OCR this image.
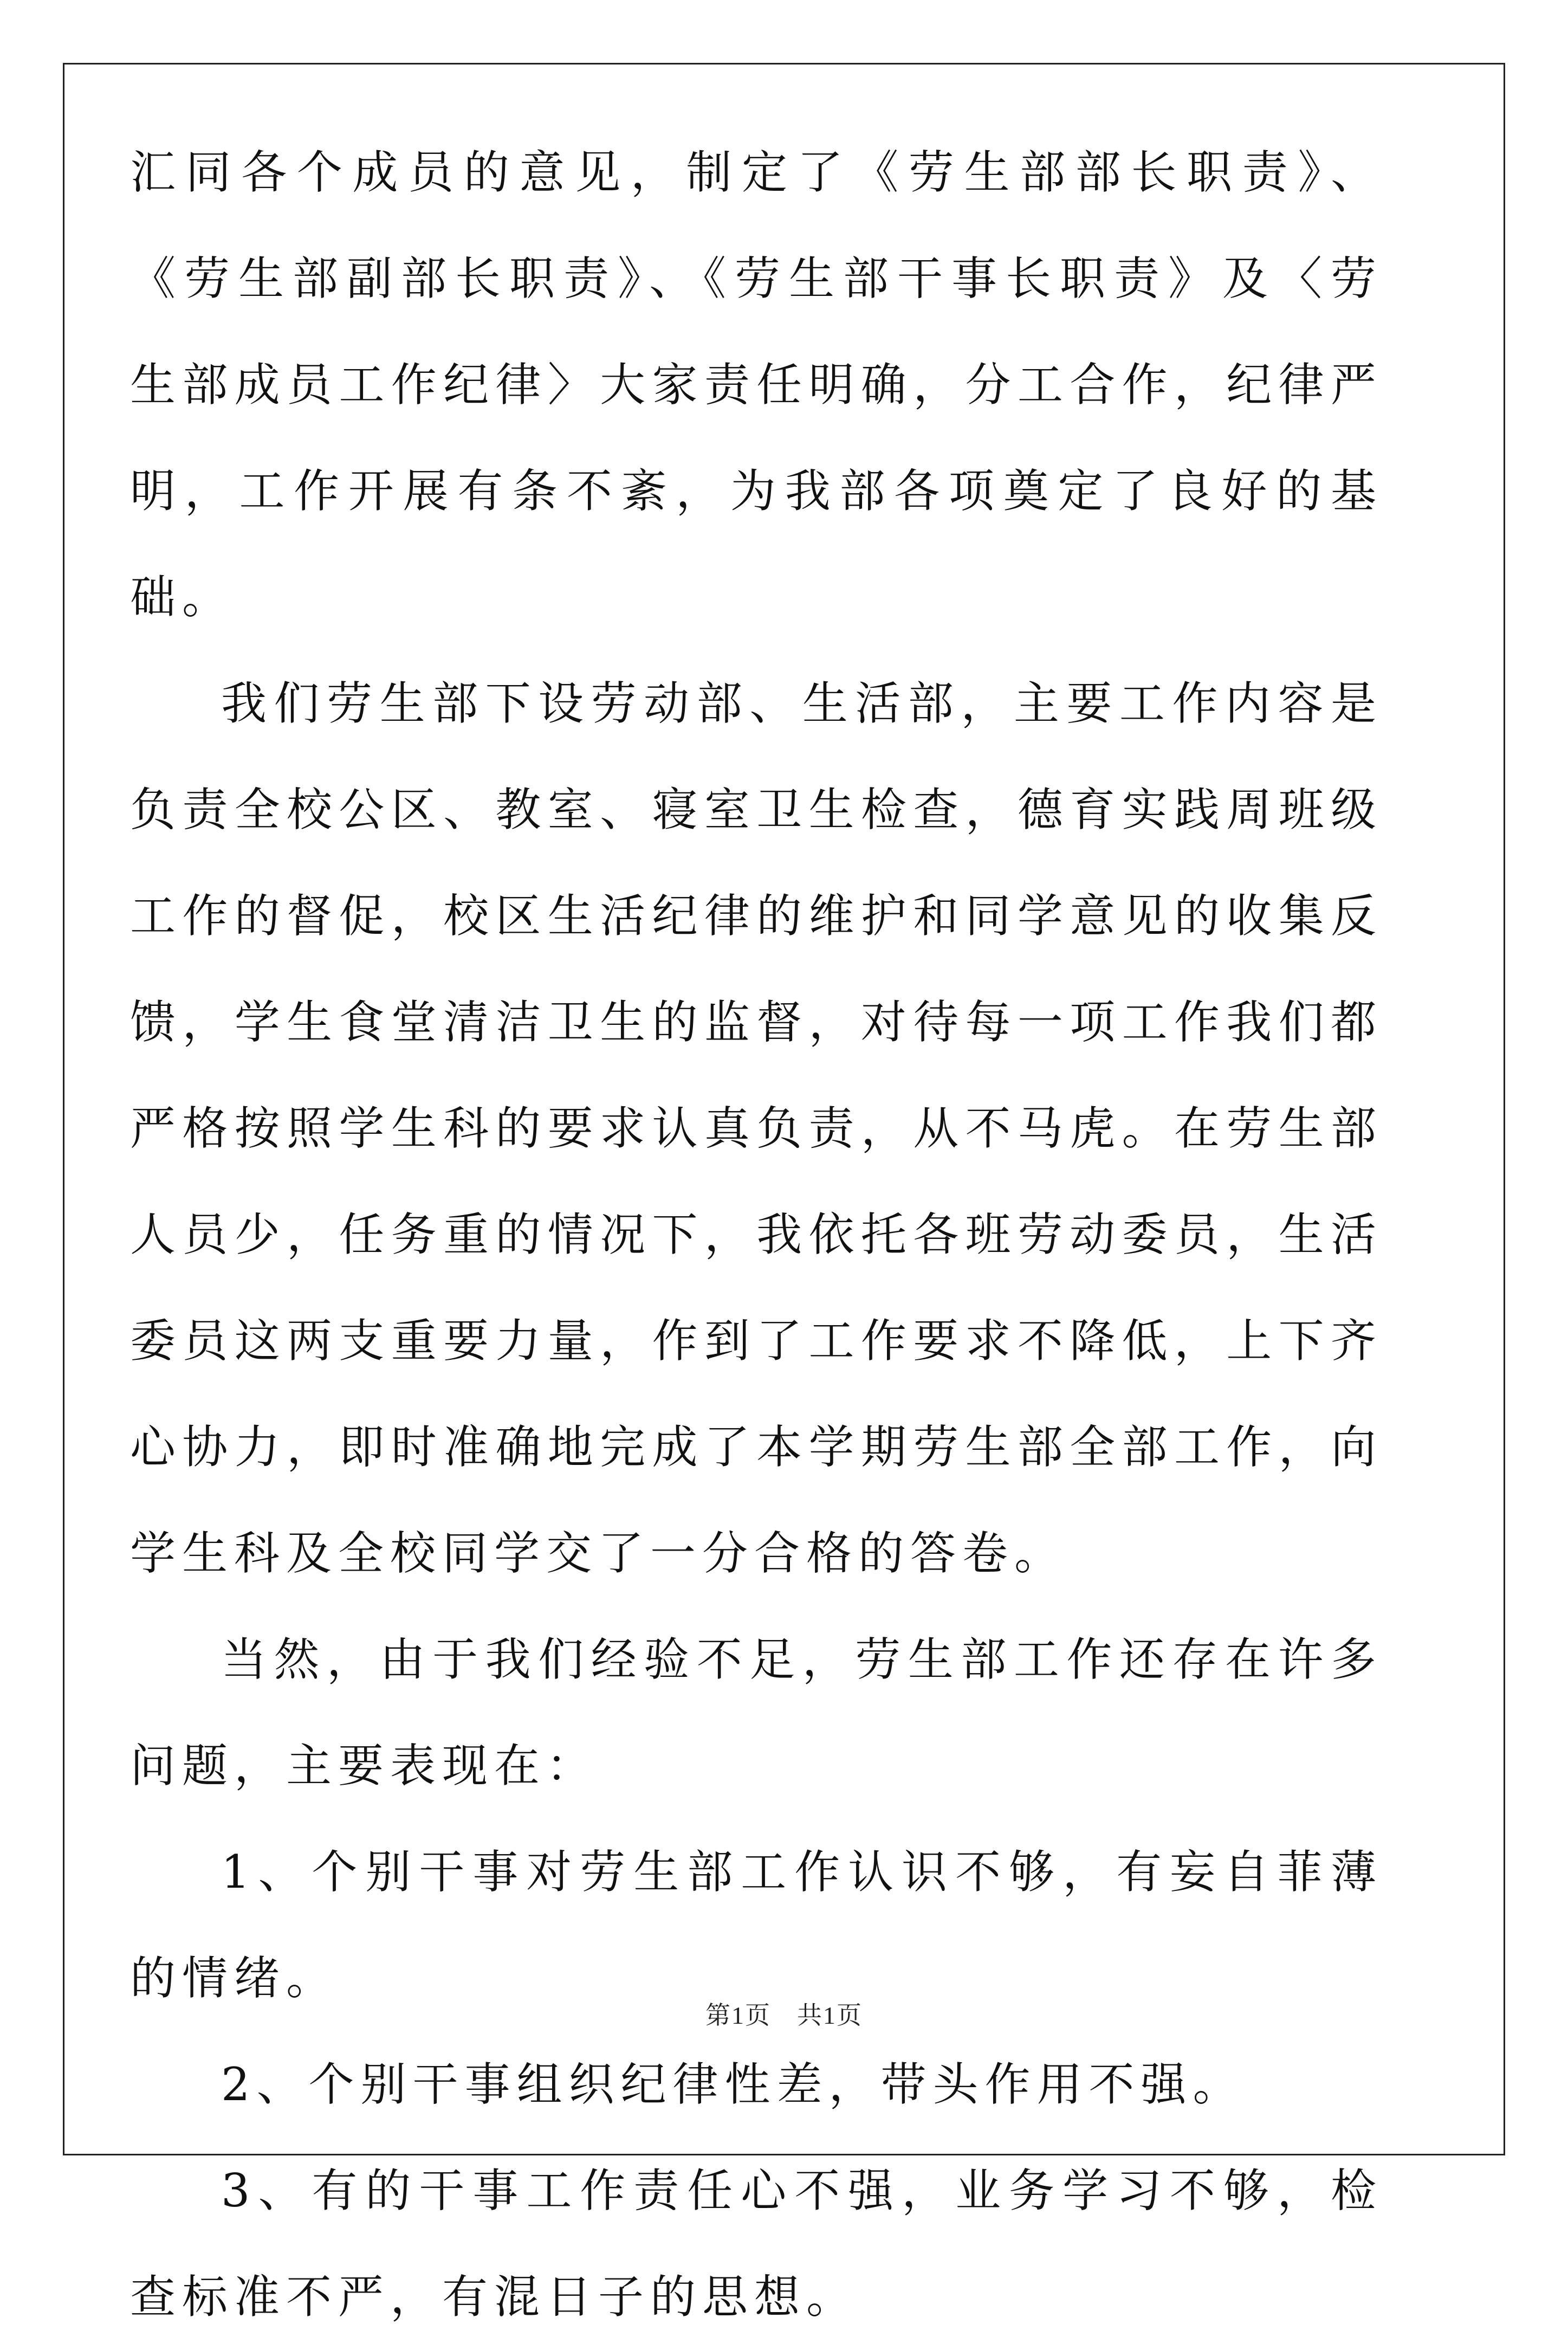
汇同各个成员的意见，制定了《劳生部部长职责》、《劳生部副部长职责》、《劳生部干事长职责》及〈劳生部成员工作纪律〉大家责任明确，分工合作，纪律严明，工作开展有条不紊，为我部各项奠定了良好的基础。

我们劳生部下设劳动部、生活部，主要工作内容是负责全校公区、教室、寝室卫生检查，德育实践周班级工作的督促，校区生活纪律的维护和同学意见的收集反馈，学生食堂清洁卫生的监督，对待每一项工作我们都严格按照学生科的要求认真负责，从不马虎。在劳生部人员少，任务重的情况下，我依托各班劳动委员，生活委员这两支重要力量，作到了工作要求不降低，上下齐心协力，即时准确地完成了本学期劳生部全部工作，向学生科及全校同学交了一分合格的答卷。

当然，由于我们经验不足，劳生部工作还存在许多问题，主要表现在：

1、个别干事对劳生部工作认识不够，有妄自菲薄的情绪。

2、个别干事组织纪律性差，带头作用不强。

3、有的干事工作责任心不强，业务学习不够，检查标准不严，有混日子的思想。

第1页　共1页
